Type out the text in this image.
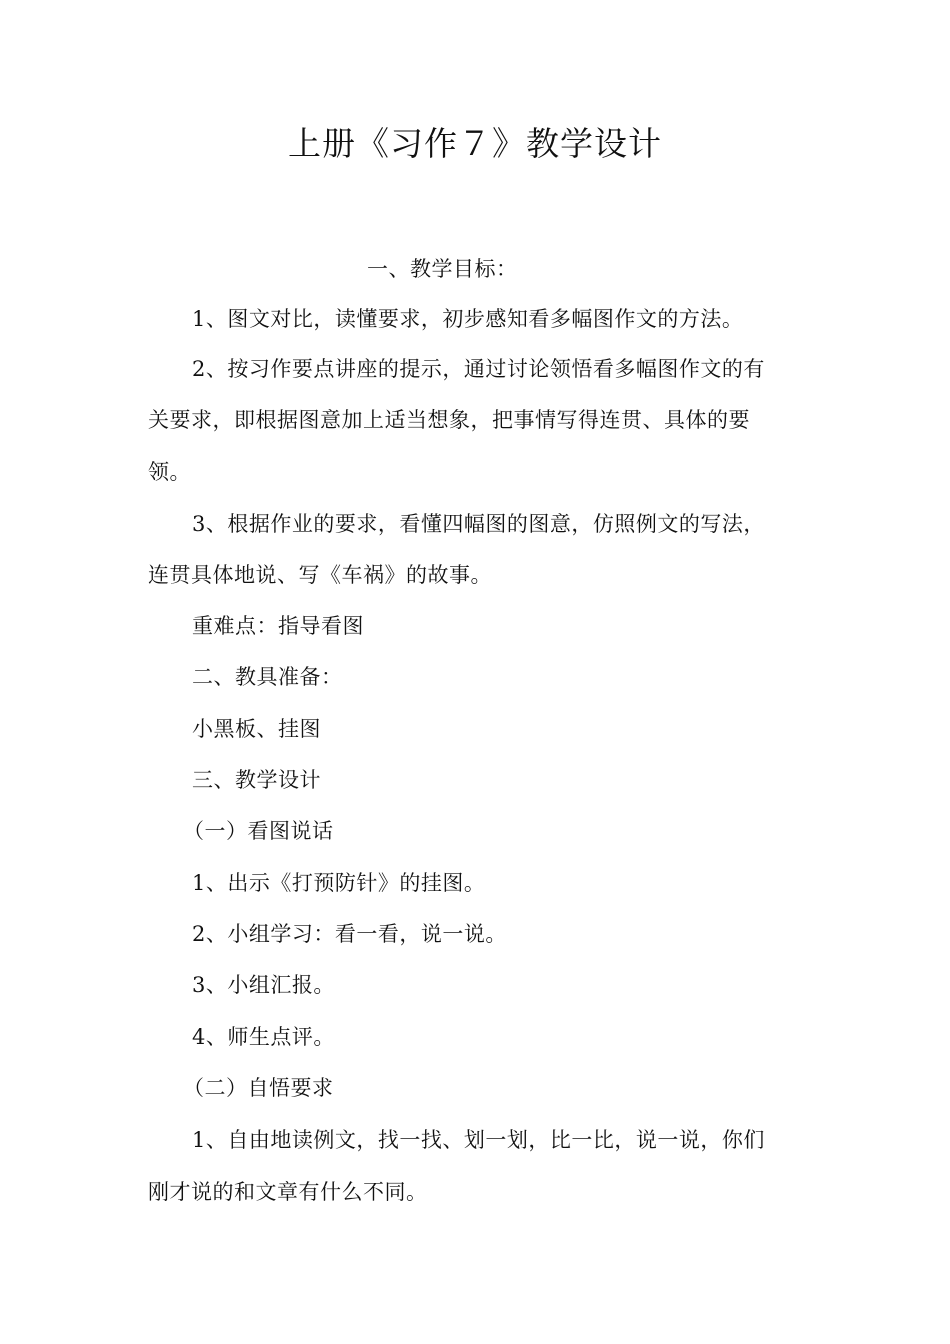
上册《习作７》教学设计
一、教学目标：
1、图文对比，读懂要求，初步感知看多幅图作文的方法。
2、按习作要点讲座的提示，通过讨论领悟看多幅图作文的有
关要求，即根据图意加上适当想象，把事情写得连贯、具体的要
领。
3、根据作业的要求，看懂四幅图的图意，仿照例文的写法，
连贯具体地说、写《车祸》的故事。
重难点：指导看图
二、教具准备：
小黑板、挂图
三、教学设计
（一）看图说话
1、出示《打预防针》的挂图。
2、小组学习：看一看，说一说。
3、小组汇报。
4、师生点评。
（二）自悟要求
1、自由地读例文，找一找、划一划，比一比，说一说，你们
刚才说的和文章有什么不同。
